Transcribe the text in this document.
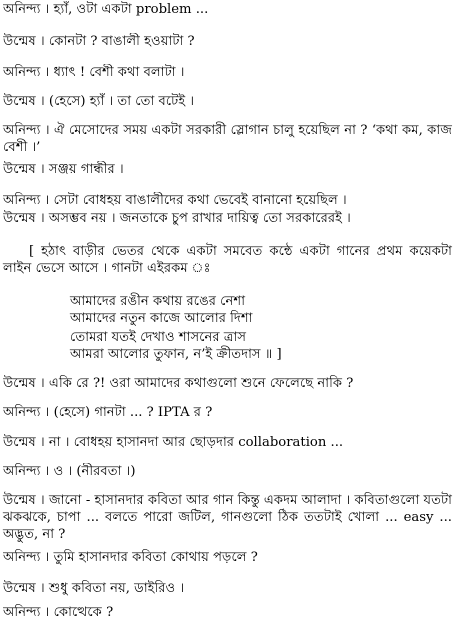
অনিন্দ্য । হ্যাঁ, ওটা একটা problem ...
উন্মেষ । কোনটা ? বাঙালী হওয়াটা ?
অনিন্দ্য । ধ্যাৎ ! বেশী কথা বলাটা ।
উন্মেষ । (হেসে) হ্যাঁ । তা তো বটেই ।
অনিন্দ্য । ঐ মেসোদের সময় একটা সরকারী স্লোগান চালু হয়েছিল না ? ‘কথা কম, কাজ বেশী ।’
উন্মেষ । সঞ্জয় গান্ধীর ।
অনিন্দ্য । সেটা বোধহয় বাঙালীদের কথা ভেবেই বানানো হয়েছিল ।
উন্মেষ । অসম্ভব নয় । জনতাকে চুপ রাখার দায়িত্ব তো সরকারেরই ।
[ হঠাৎ বাড়ীর ভেতর থেকে একটা সমবেত কন্ঠে একটা গানের প্রথম কয়েকটা লাইন ভেসে আসে । গানটা এইরকম ঃ
আমাদের রঙীন কথায় রঙের নেশা
আমাদের নতুন কাজে আলোর দিশা
তোমরা যতই দেখাও শাসনের ত্রাস
আমরা আলোর তুফান, ন’ই ক্রীতদাস ॥ ]
উন্মেষ । একি রে ?! ওরা আমাদের কথাগুলো শুনে ফেলেছে নাকি ?
অনিন্দ্য । (হেসে) গানটা ... ? IPTA র ?
উন্মেষ । না । বোধহয় হাসানদা আর ছোড়দার collaboration ...
অনিন্দ্য । ও । (নীরবতা ।)
উন্মেষ । জানো - হাসানদার কবিতা আর গান কিন্তু একদম আলাদা । কবিতাগুলো যতটা ঝকঝকে, চাপা ... বলতে পারো জটিল, গানগুলো ঠিক ততটাই খোলা ... easy ... অদ্ভুত, না ?
অনিন্দ্য । তুমি হাসানদার কবিতা কোথায় পড়লে ?
উন্মেষ । শুধু কবিতা নয়, ডাইরিও ।
অনিন্দ্য । কোত্থেকে ?
